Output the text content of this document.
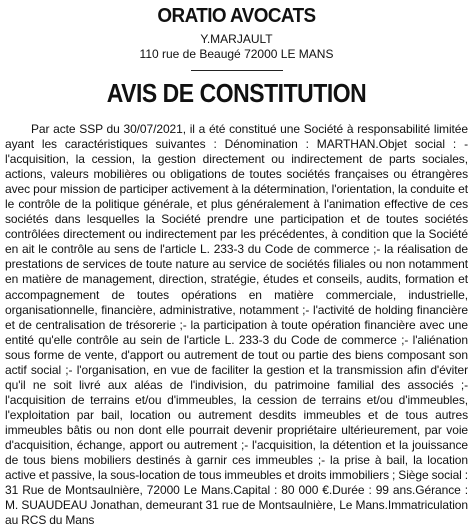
ORATIO AVOCATS
Y.MARJAULT
110 rue de Beaugé 72000 LE MANS
AVIS DE CONSTITUTION
Par acte SSP du 30/07/2021, il a été constitué une Société à responsabilité limitée ayant les caractéristiques suivantes : Dénomination : MARTHAN.Objet social : - l'acquisition, la cession, la gestion directement ou indirectement de parts sociales, actions, valeurs mobilières ou obligations de toutes sociétés françaises ou étrangères avec pour mission de participer activement à la détermination, l'orientation, la conduite et le contrôle de la politique générale, et plus généralement à l'animation effective de ces sociétés dans lesquelles la Société prendre une participation et de toutes sociétés contrôlées directement ou indirectement par les précédentes, à condition que la Société en ait le contrôle au sens de l'article L. 233-3 du Code de commerce ;- la réalisation de prestations de services de toute nature au service de sociétés filiales ou non notamment en matière de management, direction, stratégie, études et conseils, audits, formation et accompagnement de toutes opérations en matière commerciale, industrielle, organisationnelle, financière, administrative, notamment ;- l'activité de holding financière et de centralisation de trésorerie ;- la participation à toute opération financière avec une entité qu'elle contrôle au sein de l'article L. 233-3 du Code de commerce ;- l'aliénation sous forme de vente, d'apport ou autrement de tout ou partie des biens composant son actif social ;- l'organisation, en vue de faciliter la gestion et la transmission afin d'éviter qu'il ne soit livré aux aléas de l'indivision, du patrimoine familial des associés ;- l'acquisition de terrains et/ou d'immeubles, la cession de terrains et/ou d'immeubles, l'exploitation par bail, location ou autrement desdits immeubles et de tous autres immeubles bâtis ou non dont elle pourrait devenir propriétaire ultérieurement, par voie d'acquisition, échange, apport ou autrement ;- l'acquisition, la détention et la jouissance de tous biens mobiliers destinés à garnir ces immeubles ;- la prise à bail, la location active et passive, la sous-location de tous immeubles et droits immobiliers ; Siège social : 31 Rue de Montsaulnière, 72000 Le Mans.Capital : 80 000 €.Durée : 99 ans.Gérance : M. SUAUDEAU Jonathan, demeurant 31 rue de Montsaulnière, Le Mans.Immatriculation au RCS du Mans
